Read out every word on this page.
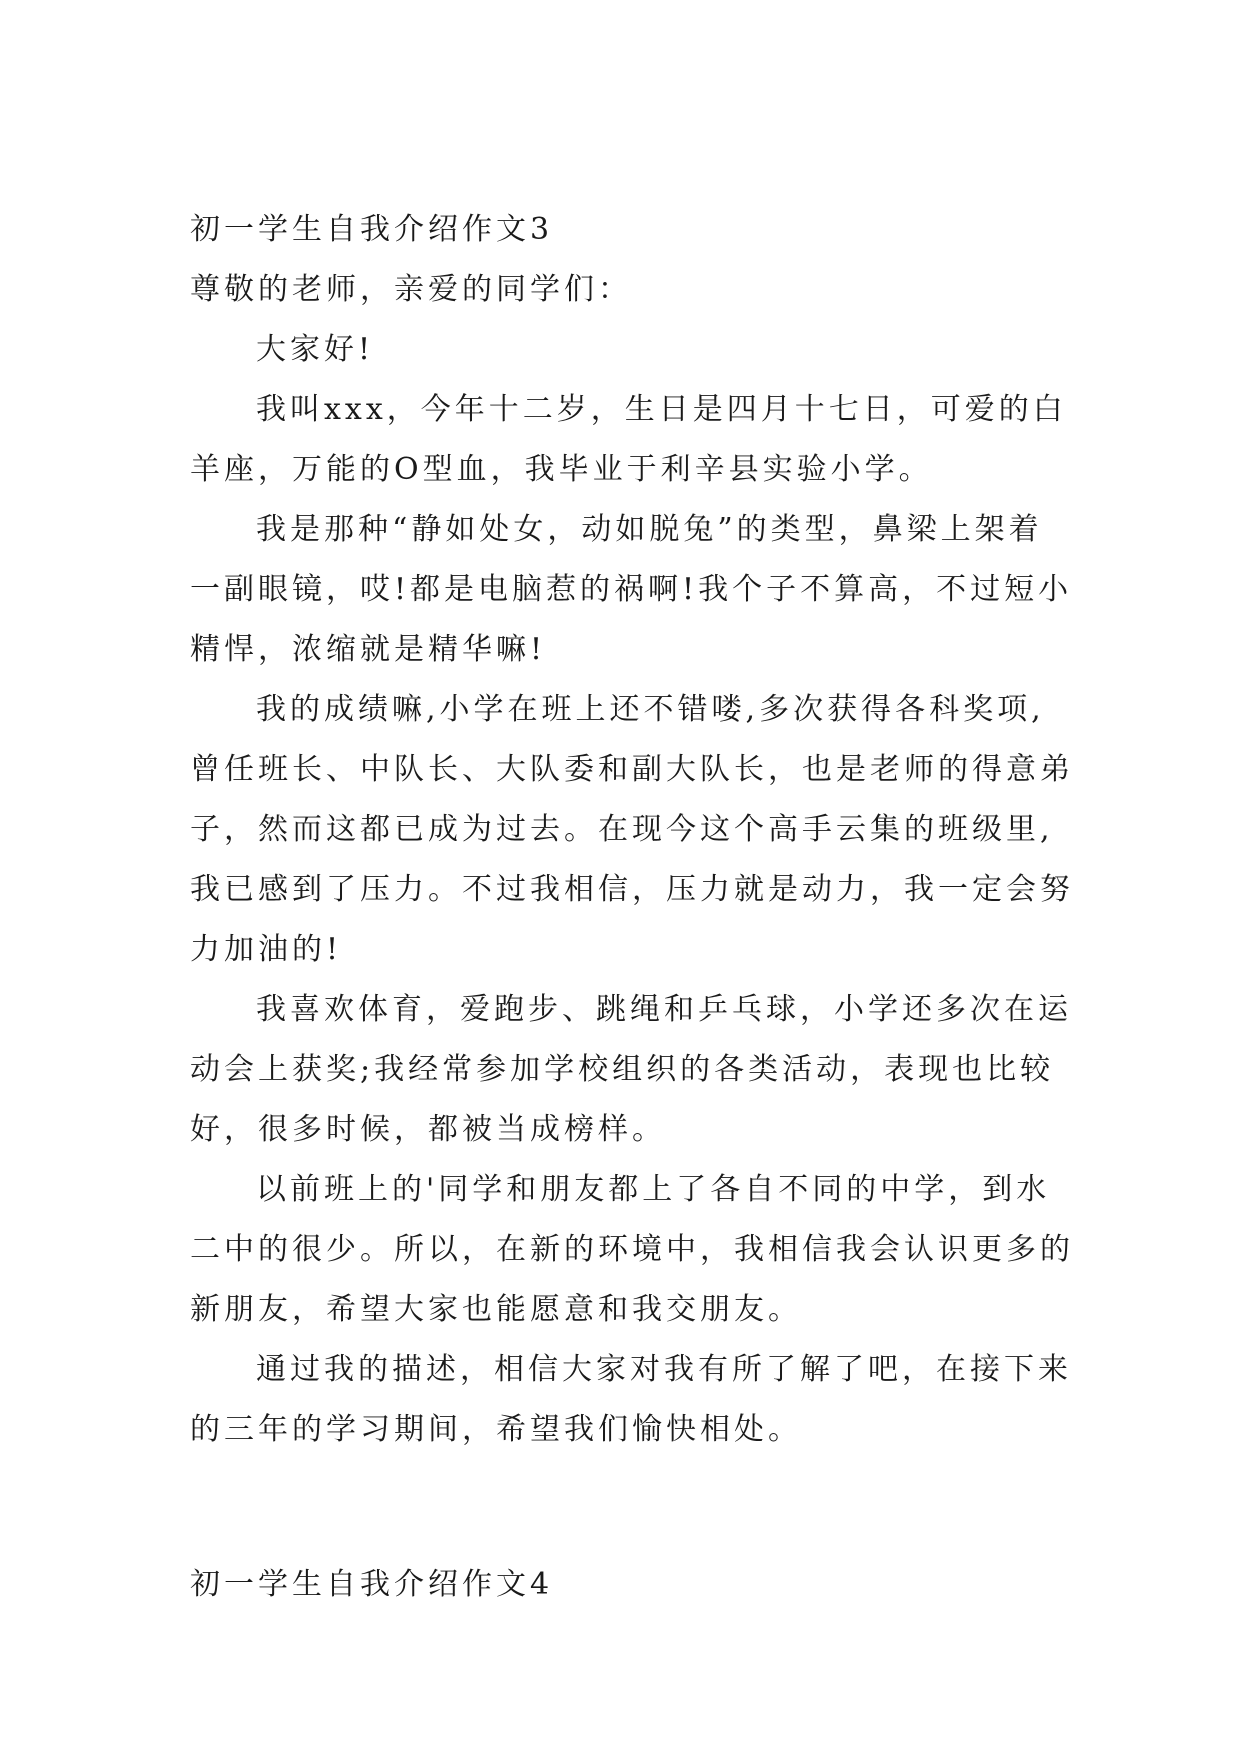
初一学生自我介绍作文3
尊敬的老师，亲爱的同学们：
大家好!
我叫xxx，今年十二岁，生日是四月十七日，可爱的白
羊座，万能的O型血，我毕业于利辛县实验小学。
我是那种“静如处女，动如脱兔”的类型，鼻梁上架着
一副眼镜，哎!都是电脑惹的祸啊!我个子不算高，不过短小
精悍，浓缩就是精华嘛!
我的成绩嘛,小学在班上还不错喽,多次获得各科奖项,
曾任班长、中队长、大队委和副大队长，也是老师的得意弟
子，然而这都已成为过去。在现今这个高手云集的班级里,
我已感到了压力。不过我相信，压力就是动力，我一定会努
力加油的!
我喜欢体育，爱跑步、跳绳和乒乓球，小学还多次在运
动会上获奖;我经常参加学校组织的各类活动，表现也比较
好，很多时候，都被当成榜样。
以前班上的'同学和朋友都上了各自不同的中学，到水
二中的很少。所以，在新的环境中，我相信我会认识更多的
新朋友，希望大家也能愿意和我交朋友。
通过我的描述，相信大家对我有所了解了吧，在接下来
的三年的学习期间，希望我们愉快相处。
初一学生自我介绍作文4
